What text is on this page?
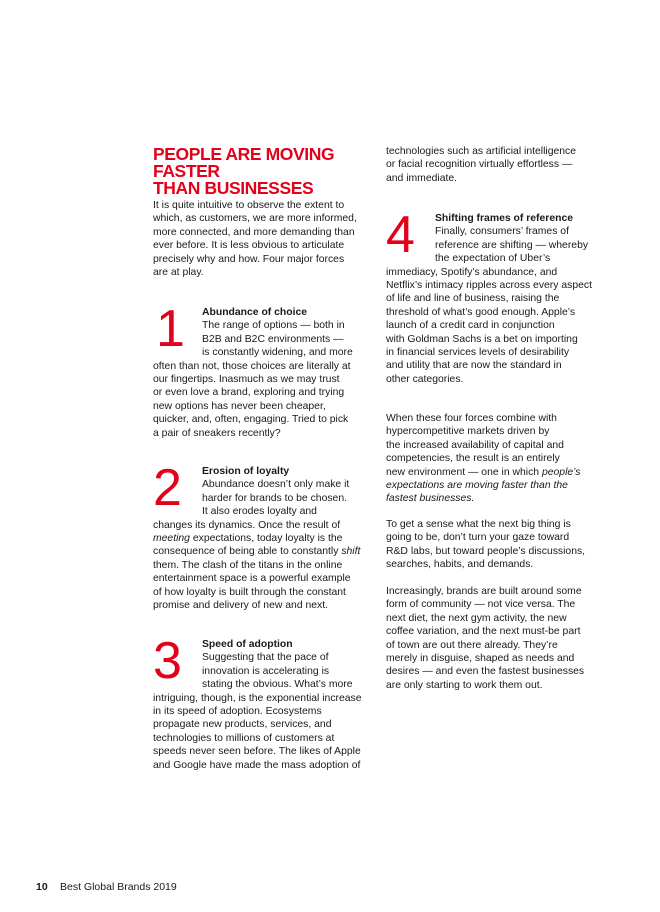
PEOPLE ARE MOVING FASTER
THAN BUSINESSES

It is quite intuitive to observe the extent to

which, as customers, we are more informed,

more connected, and more demanding than

ever before. It is less obvious to articulate

precisely why and how. Four major forces

are at play.

1 Abundance of choice

The range of options — both in

B2B and B2C environments —

is constantly widening, and more

often than not, those choices are literally at

our fingertips. Inasmuch as we may trust

or even love a brand, exploring and trying

new options has never been cheaper,

quicker, and, often, engaging. Tried to pick

a pair of sneakers recently?

2 Erosion of loyalty

Abundance doesn’t only make it

harder for brands to be chosen.

It also erodes loyalty and

changes its dynamics. Once the result of

meeting expectations, today loyalty is the

consequence of being able to constantly shift

them. The clash of the titans in the online

entertainment space is a powerful example

of how loyalty is built through the constant

promise and delivery of new and next.

3 Speed of adoption

Suggesting that the pace of

innovation is accelerating is

stating the obvious. What’s more

intriguing, though, is the exponential increase

in its speed of adoption. Ecosystems

propagate new products, services, and

technologies to millions of customers at

speeds never seen before. The likes of Apple

and Google have made the mass adoption of

technologies such as artificial intelligence

or facial recognition virtually effortless —

and immediate.

4 Shifting frames of reference

Finally, consumers’ frames of

reference are shifting — whereby

the expectation of Uber’s

immediacy, Spotify’s abundance, and

Netflix’s intimacy ripples across every aspect

of life and line of business, raising the

threshold of what’s good enough. Apple’s

launch of a credit card in conjunction

with Goldman Sachs is a bet on importing

in financial services levels of desirability

and utility that are now the standard in

other categories.

When these four forces combine with

hypercompetitive markets driven by

the increased availability of capital and

competencies, the result is an entirely

new environment — one in which people’s

expectations are moving faster than the

fastest businesses.

To get a sense what the next big thing is

going to be, don’t turn your gaze toward

R&D labs, but toward people’s discussions,

searches, habits, and demands.

Increasingly, brands are built around some

form of community — not vice versa. The

next diet, the next gym activity, the new

coffee variation, and the next must-be part

of town are out there already. They’re

merely in disguise, shaped as needs and

desires — and even the fastest businesses

are only starting to work them out.

10 Best Global Brands 2019
